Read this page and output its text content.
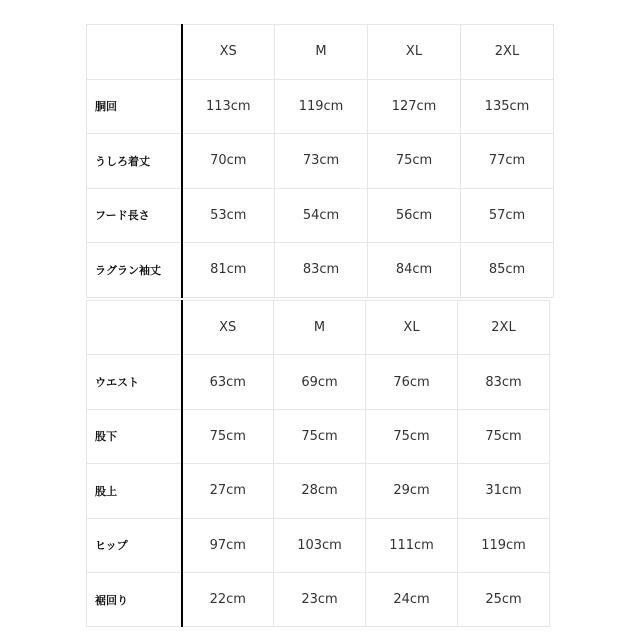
	XS	M	XL	2XL
胴回	113cm	119cm	127cm	135cm
うしろ着丈	70cm	73cm	75cm	77cm
フード長さ	53cm	54cm	56cm	57cm
ラグラン袖丈	81cm	83cm	84cm	85cm
	XS	M	XL	2XL
ウエスト	63cm	69cm	76cm	83cm
股下	75cm	75cm	75cm	75cm
股上	27cm	28cm	29cm	31cm
ヒップ	97cm	103cm	111cm	119cm
裾回り	22cm	23cm	24cm	25cm
